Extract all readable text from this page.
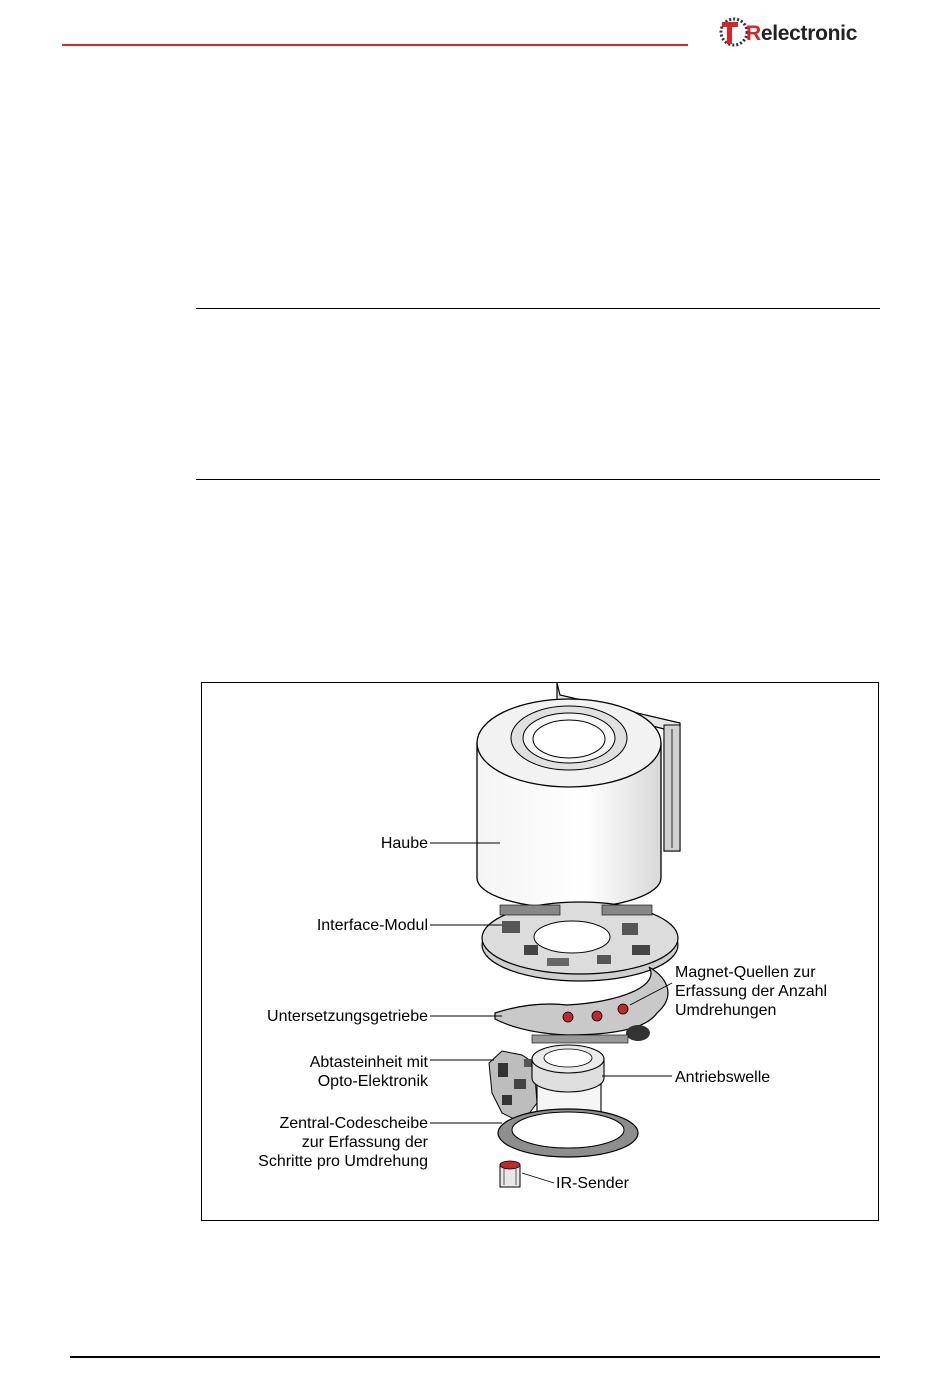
Relectronic
Haube
Interface-Modul
Untersetzungsgetriebe
Abtasteinheit mit
Opto-Elektronik
Zentral-Codescheibe
zur Erfassung der
Schritte pro Umdrehung
IR-Sender
Magnet-Quellen zur
Erfassung der Anzahl
Umdrehungen
Antriebswelle
